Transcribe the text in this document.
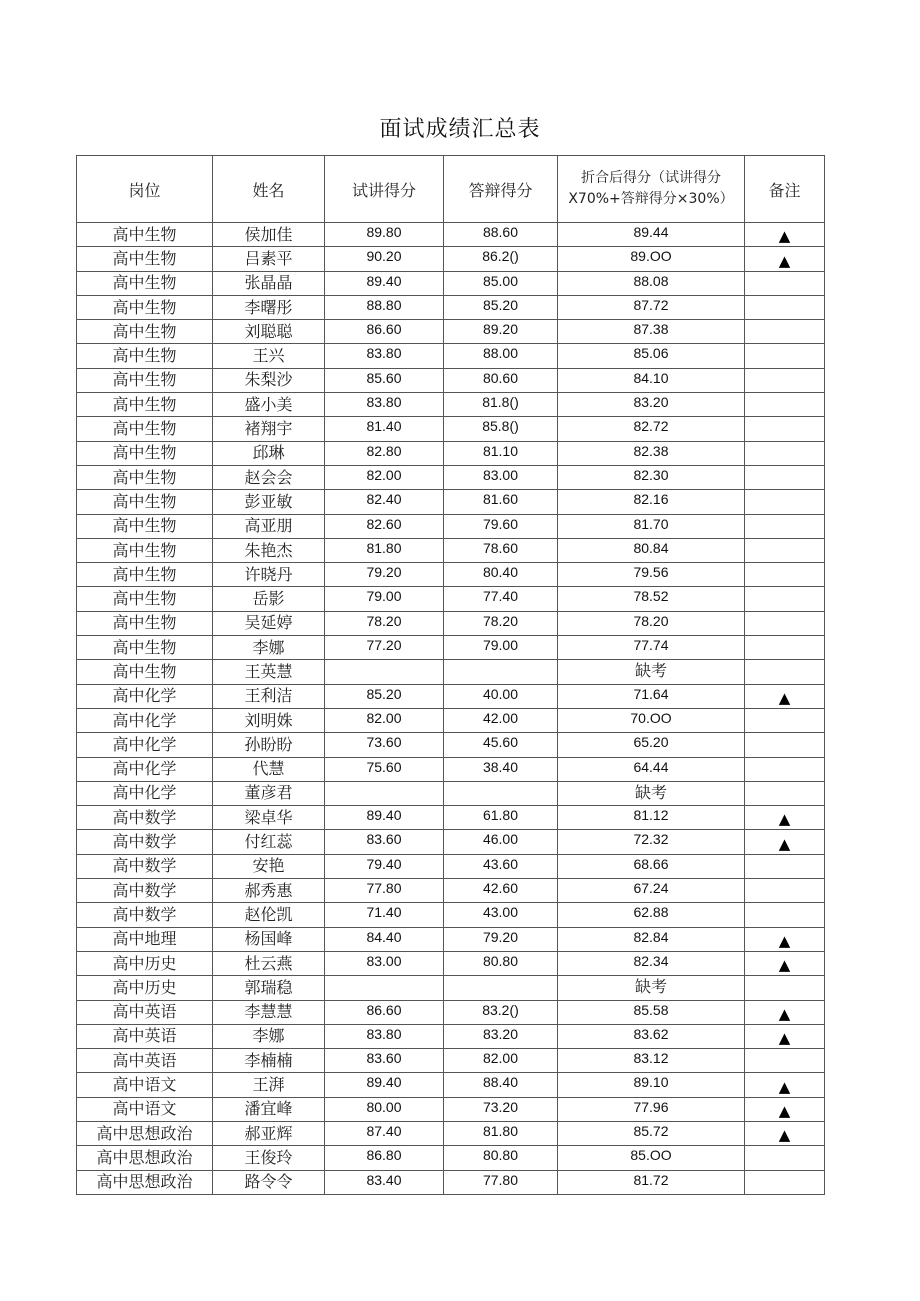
面试成绩汇总表
岗位	姓名	试讲得分	答辩得分	折合后得分（试讲得分X70%+答辩得分×30%）	备注
高中生物	侯加佳	89.80	88.60	89.44	▲
高中生物	吕素平	90.20	86.2()	89.OO	▲
高中生物	张晶晶	89.40	85.00	88.08	
高中生物	李曙彤	88.80	85.20	87.72	
高中生物	刘聪聪	86.60	89.20	87.38	
高中生物	王兴	83.80	88.00	85.06	
高中生物	朱梨沙	85.60	80.60	84.10	
高中生物	盛小美	83.80	81.8()	83.20	
高中生物	褚翔宇	81.40	85.8()	82.72	
高中生物	邱琳	82.80	81.10	82.38	
高中生物	赵会会	82.00	83.00	82.30	
高中生物	彭亚敏	82.40	81.60	82.16	
高中生物	高亚朋	82.60	79.60	81.70	
高中生物	朱艳杰	81.80	78.60	80.84	
高中生物	许晓丹	79.20	80.40	79.56	
高中生物	岳影	79.00	77.40	78.52	
高中生物	吴延婷	78.20	78.20	78.20	
高中生物	李娜	77.20	79.00	77.74	
高中生物	王英慧			缺考	
高中化学	王利洁	85.20	40.00	71.64	▲
高中化学	刘明姝	82.00	42.00	70.OO	
高中化学	孙盼盼	73.60	45.60	65.20	
高中化学	代慧	75.60	38.40	64.44	
高中化学	董彦君			缺考	
高中数学	梁卓华	89.40	61.80	81.12	▲
高中数学	付红蕊	83.60	46.00	72.32	▲
高中数学	安艳	79.40	43.60	68.66	
高中数学	郝秀惠	77.80	42.60	67.24	
高中数学	赵伦凯	71.40	43.00	62.88	
高中地理	杨国峰	84.40	79.20	82.84	▲
高中历史	杜云燕	83.00	80.80	82.34	▲
高中历史	郭瑞稳			缺考	
高中英语	李慧慧	86.60	83.2()	85.58	▲
高中英语	李娜	83.80	83.20	83.62	▲
高中英语	李楠楠	83.60	82.00	83.12	
高中语文	王湃	89.40	88.40	89.10	▲
高中语文	潘宜峰	80.00	73.20	77.96	▲
高中思想政治	郝亚辉	87.40	81.80	85.72	▲
高中思想政治	王俊玲	86.80	80.80	85.OO	
高中思想政治	路令令	83.40	77.80	81.72	
